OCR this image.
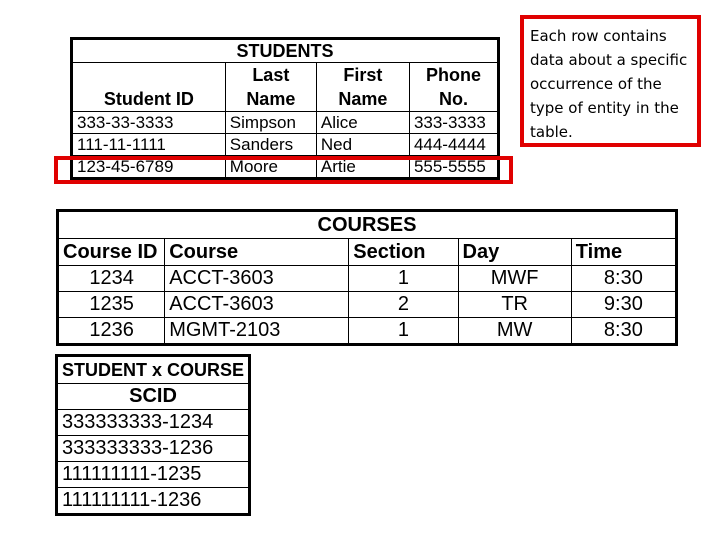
STUDENTS			
Student ID	Last Name	First Name	Phone No.
333-33-3333	Simpson	Alice	333-3333
111-11-1111	Sanders	Ned	444-4444
123-45-6789	Moore	Artie	555-5555
Each row contains data about a specific occurrence of the type of entity in the table.
COURSES				
Course ID	Course	Section	Day	Time
1234	ACCT-3603	1	MWF	8:30
1235	ACCT-3603	2	TR	9:30
1236	MGMT-2103	1	MW	8:30
STUDENT x COURSE
SCID
333333333-1234
333333333-1236
111111111-1235
111111111-1236
